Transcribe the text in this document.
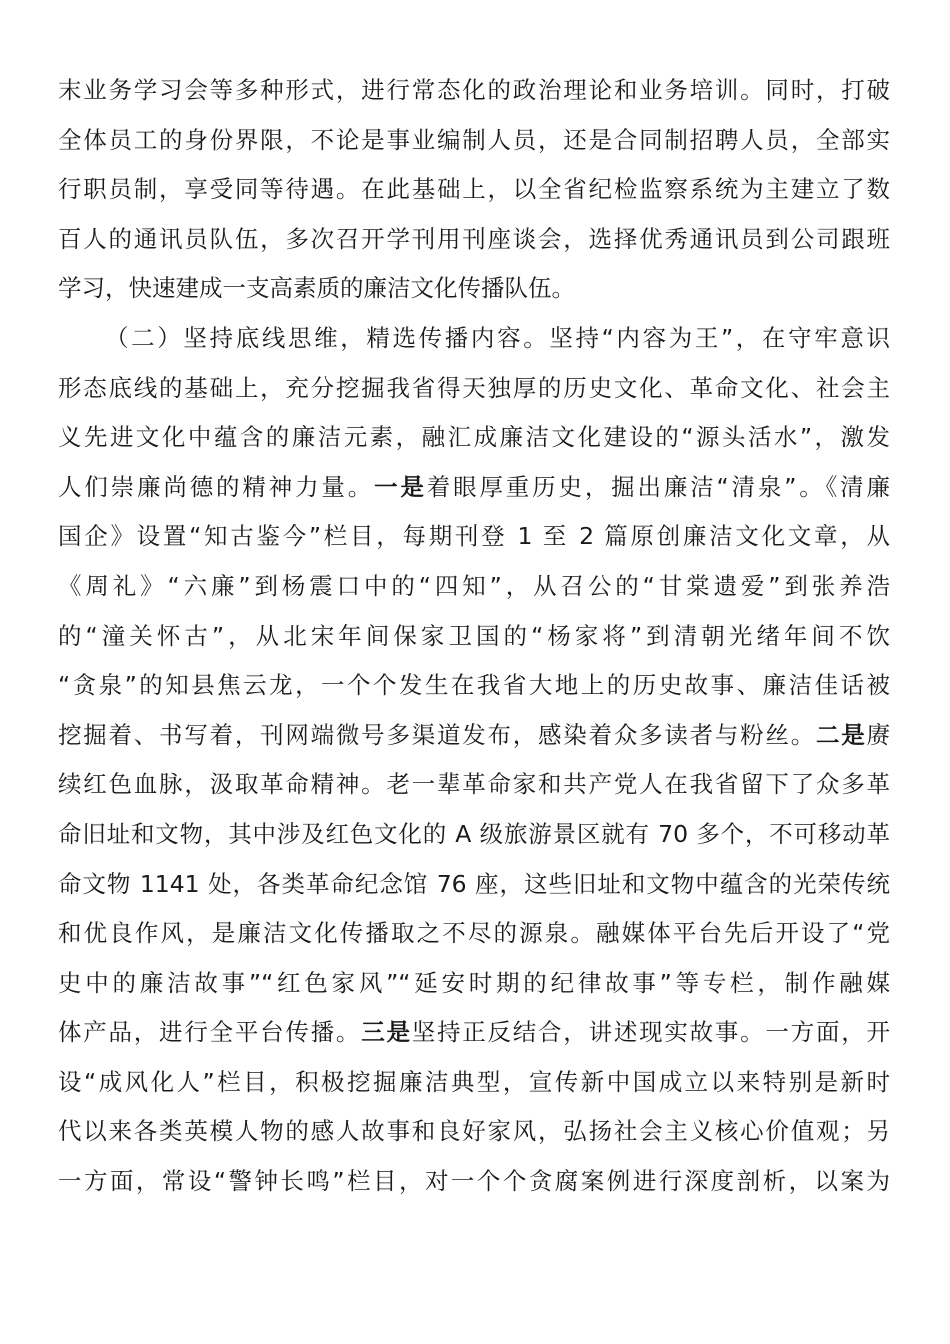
末业务学习会等多种形式，进行常态化的政治理论和业务培训。同时，打破
全体员工的身份界限，不论是事业编制人员，还是合同制招聘人员，全部实
行职员制，享受同等待遇。在此基础上，以全省纪检监察系统为主建立了数
百人的通讯员队伍，多次召开学刊用刊座谈会，选择优秀通讯员到公司跟班
学习，快速建成一支高素质的廉洁文化传播队伍。
（二）坚持底线思维，精选传播内容。坚持“内容为王”，在守牢意识
形态底线的基础上，充分挖掘我省得天独厚的历史文化、革命文化、社会主
义先进文化中蕴含的廉洁元素，融汇成廉洁文化建设的“源头活水”，激发
人们崇廉尚德的精神力量。一是着眼厚重历史，掘出廉洁“清泉”。《清廉
国企》设置“知古鉴今”栏目，每期刊登 1 至 2 篇原创廉洁文化文章，从
《周礼》“六廉”到杨震口中的“四知”，从召公的“甘棠遗爱”到张养浩
的“潼关怀古”，从北宋年间保家卫国的“杨家将”到清朝光绪年间不饮
“贪泉”的知县焦云龙，一个个发生在我省大地上的历史故事、廉洁佳话被
挖掘着、书写着，刊网端微号多渠道发布，感染着众多读者与粉丝。二是赓
续红色血脉，汲取革命精神。老一辈革命家和共产党人在我省留下了众多革
命旧址和文物，其中涉及红色文化的 A 级旅游景区就有 70 多个，不可移动革
命文物 1141 处，各类革命纪念馆 76 座，这些旧址和文物中蕴含的光荣传统
和优良作风，是廉洁文化传播取之不尽的源泉。融媒体平台先后开设了“党
史中的廉洁故事”“红色家风”“延安时期的纪律故事”等专栏，制作融媒
体产品，进行全平台传播。三是坚持正反结合，讲述现实故事。一方面，开
设“成风化人”栏目，积极挖掘廉洁典型，宣传新中国成立以来特别是新时
代以来各类英模人物的感人故事和良好家风，弘扬社会主义核心价值观；另
一方面，常设“警钟长鸣”栏目，对一个个贪腐案例进行深度剖析，以案为
